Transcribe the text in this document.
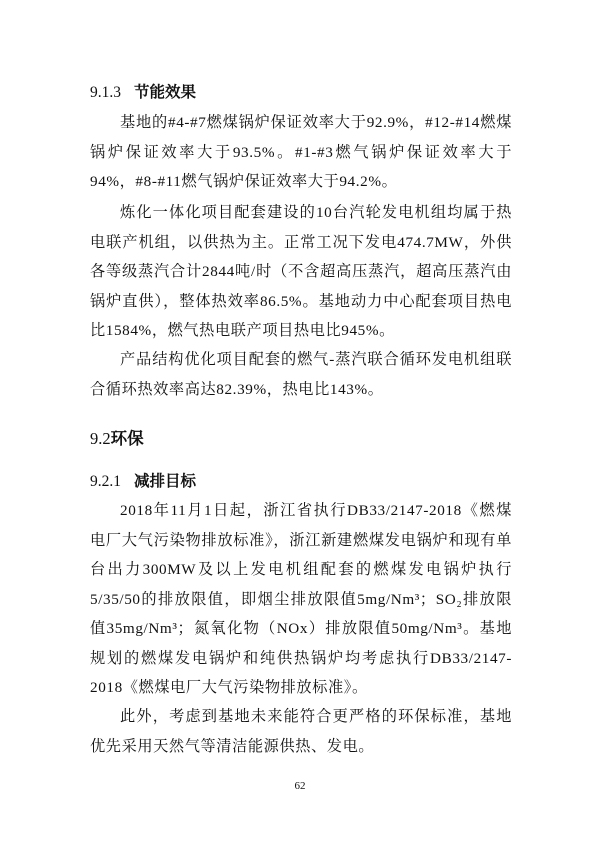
9.1.3 节能效果
基地的#4-#7燃煤锅炉保证效率大于92.9%，#12-#14燃煤锅炉保证效率大于93.5%。#1-#3燃气锅炉保证效率大于94%，#8-#11燃气锅炉保证效率大于94.2%。
炼化一体化项目配套建设的10台汽轮发电机组均属于热电联产机组，以供热为主。正常工况下发电474.7MW，外供各等级蒸汽合计2844吨/时（不含超高压蒸汽，超高压蒸汽由锅炉直供），整体热效率86.5%。基地动力中心配套项目热电比1584%，燃气热电联产项目热电比945%。
产品结构优化项目配套的燃气-蒸汽联合循环发电机组联合循环热效率高达82.39%，热电比143%。
9.2环保
9.2.1 减排目标
2018年11月1日起，浙江省执行DB33/2147-2018《燃煤电厂大气污染物排放标准》，浙江新建燃煤发电锅炉和现有单台出力300MW及以上发电机组配套的燃煤发电锅炉执行5/35/50的排放限值，即烟尘排放限值5mg/Nm³；SO₂排放限值35mg/Nm³；氮氧化物（NOx）排放限值50mg/Nm³。基地规划的燃煤发电锅炉和纯供热锅炉均考虑执行DB33/2147-2018《燃煤电厂大气污染物排放标准》。
此外，考虑到基地未来能符合更严格的环保标准，基地优先采用天然气等清洁能源供热、发电。
62
